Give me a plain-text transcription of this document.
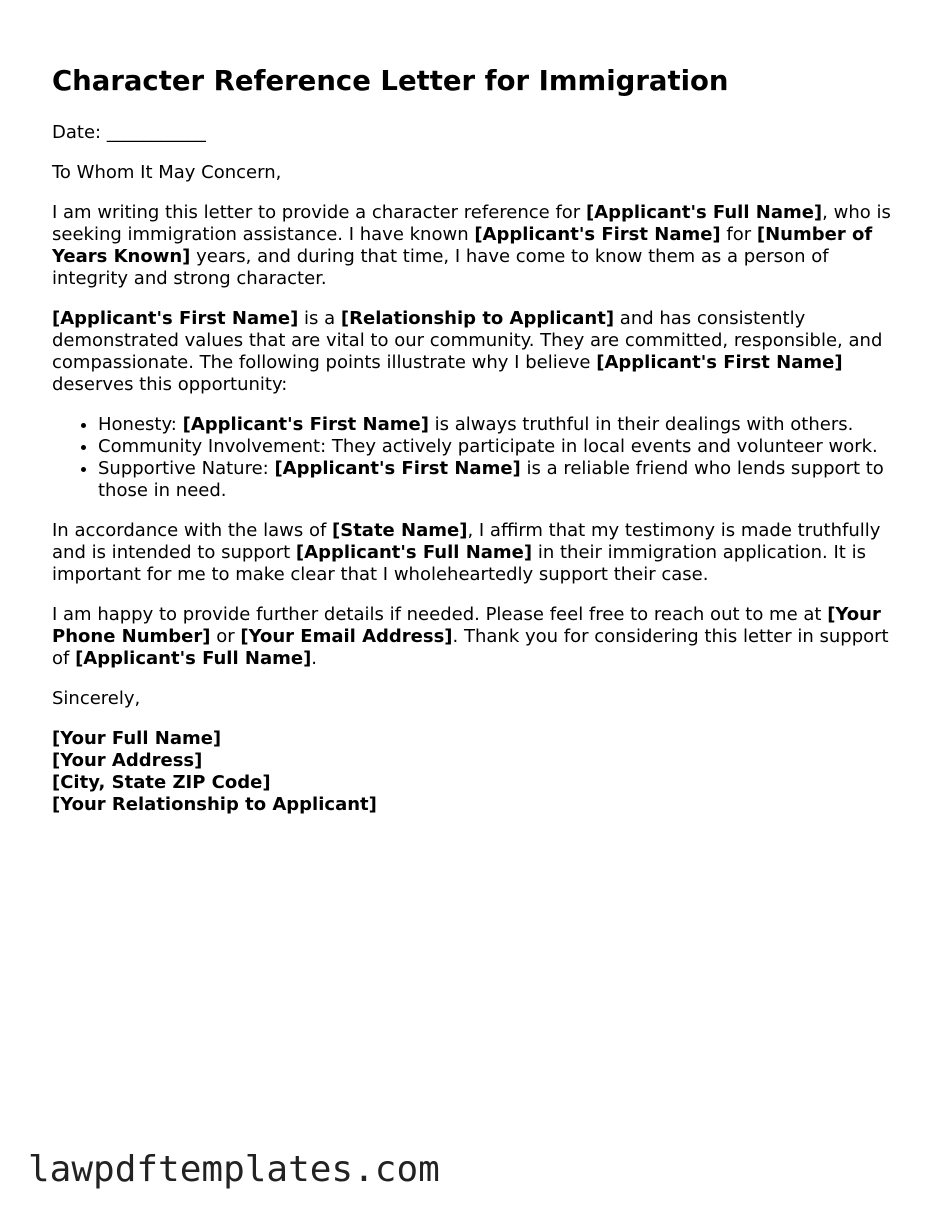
Character Reference Letter for Immigration

Date: ___________

To Whom It May Concern,

I am writing this letter to provide a character reference for [Applicant's Full Name], who is seeking immigration assistance. I have known [Applicant's First Name] for [Number of Years Known] years, and during that time, I have come to know them as a person of integrity and strong character.

[Applicant's First Name] is a [Relationship to Applicant] and has consistently demonstrated values that are vital to our community. They are committed, responsible, and compassionate. The following points illustrate why I believe [Applicant's First Name] deserves this opportunity:

• Honesty: [Applicant's First Name] is always truthful in their dealings with others.
• Community Involvement: They actively participate in local events and volunteer work.
• Supportive Nature: [Applicant's First Name] is a reliable friend who lends support to those in need.

In accordance with the laws of [State Name], I affirm that my testimony is made truthfully and is intended to support [Applicant's Full Name] in their immigration application. It is important for me to make clear that I wholeheartedly support their case.

I am happy to provide further details if needed. Please feel free to reach out to me at [Your Phone Number] or [Your Email Address]. Thank you for considering this letter in support of [Applicant's Full Name].

Sincerely,

[Your Full Name]
[Your Address]
[City, State ZIP Code]
[Your Relationship to Applicant]
lawpdftemplates.com
